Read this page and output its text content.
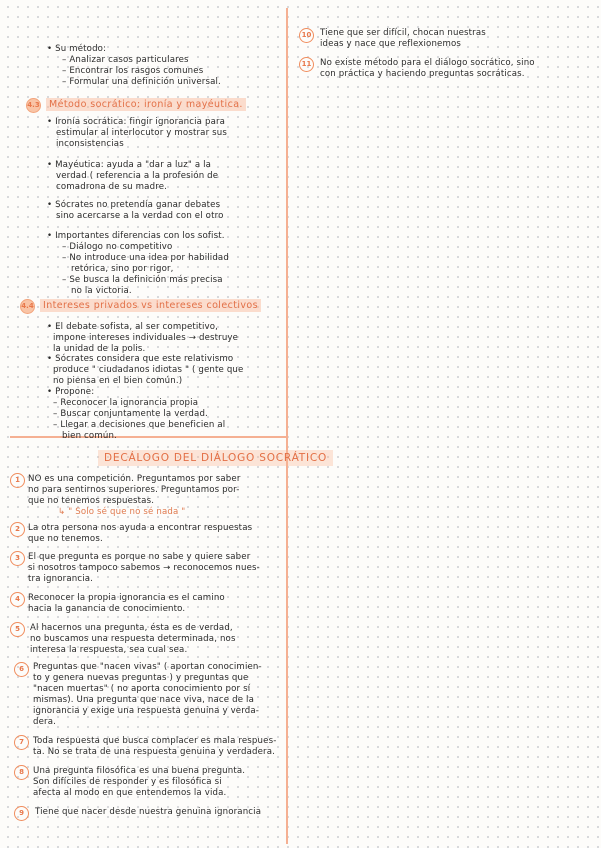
• Su método:
– Analizar casos particulares
– Encontrar los rasgos comunes
– Formular una definición universal.
4.3 Método socrático: ironía y mayéutica.
• Ironía socrática: fingir ignorancia para
estimular al interlocutor y mostrar sus
inconsistencias
• Mayéutica: ayuda a "dar a luz" a la
verdad ( referencia a la profesión de
comadrona de su madre.
• Sócrates no pretendía ganar debates
sino acercarse a la verdad con el otro
• Importantes diferencias con los sofist.
– Diálogo no competitivo
– No introduce una idea por habilidad
retórica, sino por rigor,
– Se busca la definición más precisa
no la victoria.
4.4 Intereses privados vs intereses colectivos
• El debate sofista, al ser competitivo,
impone intereses individuales → destruye
la unidad de la polis.
• Sócrates considera que este relativismo
produce " ciudadanos idiotas " ( gente que
no piensa en el bien común.)
• Propone:
– Reconocer la ignorancia propia
– Buscar conjuntamente la verdad.
– Llegar a decisiones que beneficien al
bien común.
DECÁLOGO DEL DIÁLOGO SOCRÁTICO
1 NO es una competición. Preguntamos por saber
no para sentirnos superiores. Preguntamos por-
que no tenemos respuestas.
↳ " Solo sé que no sé nada "
2 La otra persona nos ayuda a encontrar respuestas
que no tenemos.
3 El que pregunta es porque no sabe y quiere saber
si nosotros tampoco sabemos → reconocemos nues-
tra ignorancia.
4 Reconocer la propia ignorancia es el camino
hacia la ganancia de conocimiento.
5	Al hacernos una pregunta, ésta es de verdad,
no buscamos una respuesta determinada, nos
interesa la respuesta, sea cual sea.
6	Preguntas que "nacen vivas" ( aportan conocimien-
to y genera nuevas preguntas ) y preguntas que
"nacen muertas" ( no aporta conocimiento por sí
mismas). Una pregunta que nace viva, nace de la
ignorancia y exige una respuesta genuina y verda-
dera.
7	Toda respuesta que busca complacer es mala respues-
ta. No se trata de una respuesta genuina y verdadera.
8	Una pregunta filosófica es una buena pregunta.
Son difíciles de responder y es filosófica si
afecta al modo en que entendemos la vida.
9	Tiene que nacer desde nuestra genuina ignorancia
10	Tiene que ser difícil, chocan nuestras
ideas y nace que reflexionemos
11	No existe método para el diálogo socrático, sino
con práctica y haciendo preguntas socráticas.
